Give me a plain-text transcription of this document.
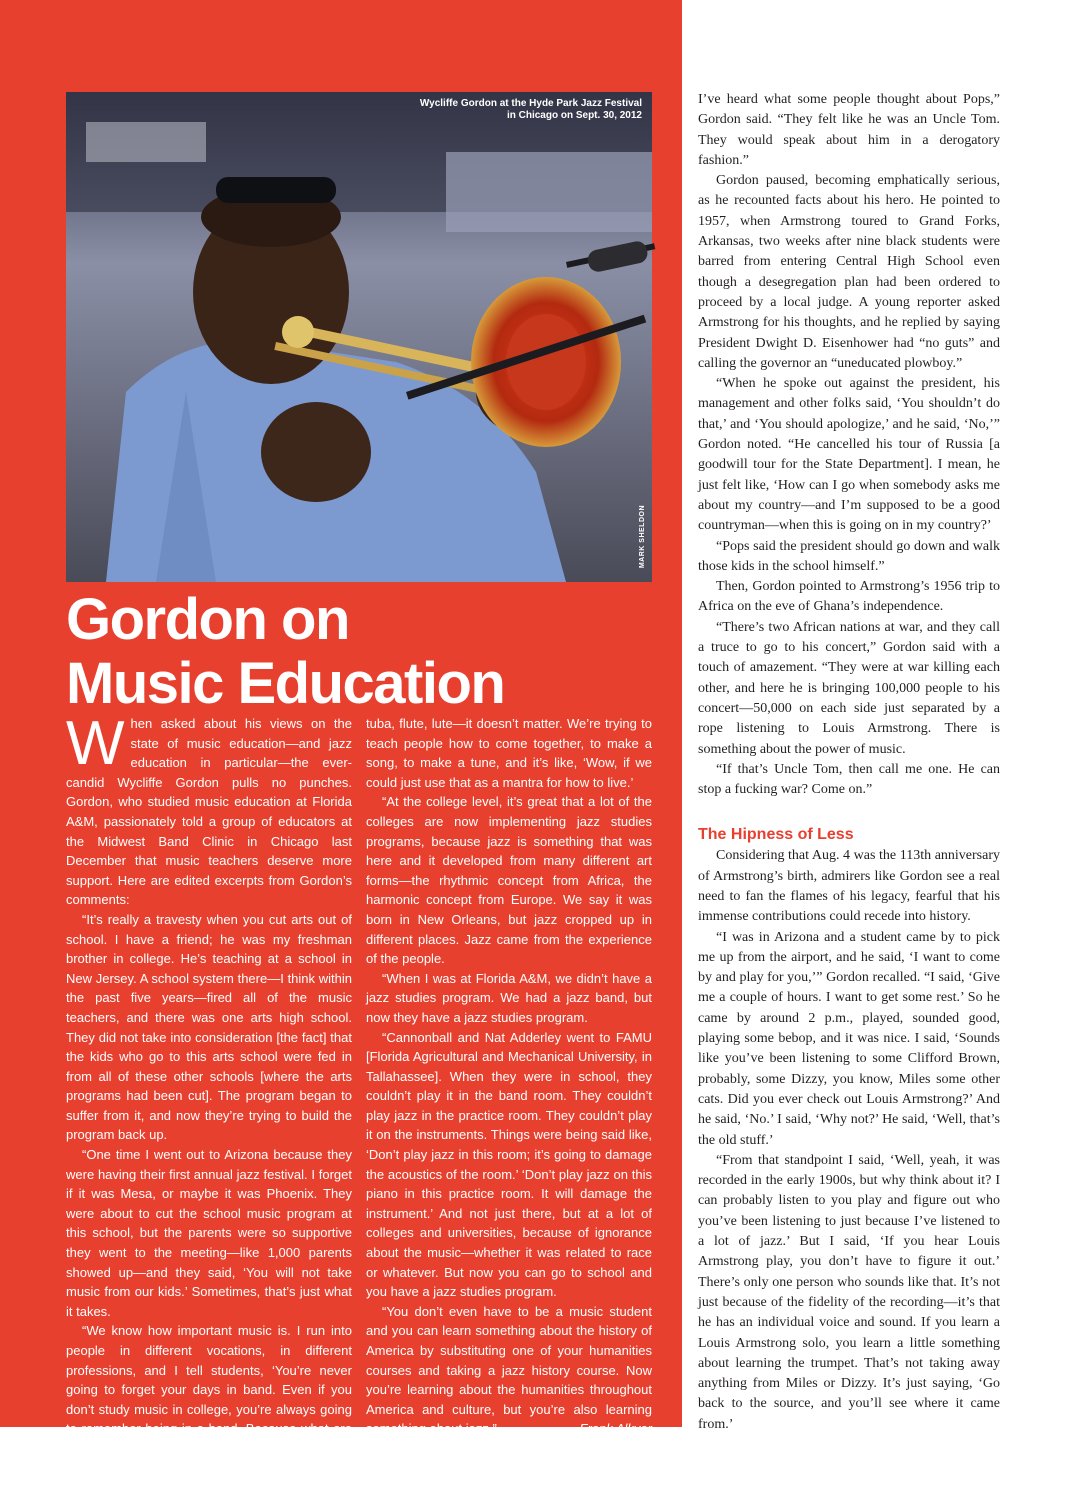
Wycliffe Gordon at the Hyde Park Jazz Festival in Chicago on Sept. 30, 2012
MARK SHELDON
Gordon on
Music Education

When asked about his views on the state of music education—and jazz education in particular—the ever-candid Wycliffe Gordon pulls no punches. Gordon, who studied music education at Florida A&M, passionately told a group of educators at the Midwest Band Clinic in Chicago last December that music teachers deserve more support. Here are edited excerpts from Gordon’s comments:

“It’s really a travesty when you cut arts out of school. I have a friend; he was my freshman brother in college. He’s teaching at a school in New Jersey. A school system there—I think within the past five years—fired all of the music teachers, and there was one arts high school. They did not take into consideration [the fact] that the kids who go to this arts school were fed in from all of these other schools [where the arts programs had been cut]. The program began to suffer from it, and now they’re trying to build the program back up.

“One time I went out to Arizona because they were having their first annual jazz festival. I forget if it was Mesa, or maybe it was Phoenix. They were about to cut the school music program at this school, but the parents were so supportive they went to the meeting—like 1,000 parents showed up—and they said, ‘You will not take music from our kids.’ Sometimes, that’s just what it takes.

“We know how important music is. I run into people in different vocations, in different professions, and I tell students, ‘You’re never going to forget your days in band. Even if you don’t study music in college, you’re always going to remember being in a band. Because what are we doing? We have a common goal in mind, whether you’re playing the oboe, trombone, trumpet,

tuba, flute, lute—it doesn’t matter. We’re trying to teach people how to come together, to make a song, to make a tune, and it’s like, ‘Wow, if we could just use that as a mantra for how to live.’

“At the college level, it’s great that a lot of the colleges are now implementing jazz studies programs, because jazz is something that was here and it developed from many different art forms—the rhythmic concept from Africa, the harmonic concept from Europe. We say it was born in New Orleans, but jazz cropped up in different places. Jazz came from the experience of the people.

“When I was at Florida A&M, we didn’t have a jazz studies program. We had a jazz band, but now they have a jazz studies program.

“Cannonball and Nat Adderley went to FAMU [Florida Agricultural and Mechanical University, in Tallahassee]. When they were in school, they couldn’t play it in the band room. They couldn’t play jazz in the practice room. They couldn’t play it on the instruments. Things were being said like, ‘Don’t play jazz in this room; it’s going to damage the acoustics of the room.’ ‘Don’t play jazz on this piano in this practice room. It will damage the instrument.’ And not just there, but at a lot of colleges and universities, because of ignorance about the music—whether it was related to race or whatever. But now you can go to school and you have a jazz studies program.

“You don’t even have to be a music student and you can learn something about the history of America by substituting one of your humanities courses and taking a jazz history course. Now you’re learning about the humanities throughout America and culture, but you’re also learning something about jazz.”	—Frank Alkyer

I’ve heard what some people thought about Pops,” Gordon said. “They felt like he was an Uncle Tom. They would speak about him in a derogatory fashion.”

Gordon paused, becoming emphatically serious, as he recounted facts about his hero. He pointed to 1957, when Armstrong toured to Grand Forks, Arkansas, two weeks after nine black students were barred from entering Central High School even though a desegregation plan had been ordered to proceed by a local judge. A young reporter asked Armstrong for his thoughts, and he replied by saying President Dwight D. Eisenhower had “no guts” and calling the governor an “uneducated plowboy.”

“When he spoke out against the president, his management and other folks said, ‘You shouldn’t do that,’ and ‘You should apologize,’ and he said, ‘No,’” Gordon noted. “He cancelled his tour of Russia [a goodwill tour for the State Department]. I mean, he just felt like, ‘How can I go when somebody asks me about my country—and I’m supposed to be a good countryman—when this is going on in my country?’

“Pops said the president should go down and walk those kids in the school himself.”

Then, Gordon pointed to Armstrong’s 1956 trip to Africa on the eve of Ghana’s independence.

“There’s two African nations at war, and they call a truce to go to his concert,” Gordon said with a touch of amazement. “They were at war killing each other, and here he is bringing 100,000 people to his concert—50,000 on each side just separated by a rope listening to Louis Armstrong. There is something about the power of music.

“If that’s Uncle Tom, then call me one. He can stop a fucking war? Come on.”

The Hipness of Less

Considering that Aug. 4 was the 113th anniversary of Armstrong’s birth, admirers like Gordon see a real need to fan the flames of his legacy, fearful that his immense contributions could recede into history.

“I was in Arizona and a student came by to pick me up from the airport, and he said, ‘I want to come by and play for you,’” Gordon recalled. “I said, ‘Give me a couple of hours. I want to get some rest.’ So he came by around 2 p.m., played, sounded good, playing some bebop, and it was nice. I said, ‘Sounds like you’ve been listening to some Clifford Brown, probably, some Dizzy, you know, Miles some other cats. Did you ever check out Louis Armstrong?’ And he said, ‘No.’ I said, ‘Why not?’ He said, ‘Well, that’s the old stuff.’

“From that standpoint I said, ‘Well, yeah, it was recorded in the early 1900s, but why think about it? I can probably listen to you play and figure out who you’ve been listening to just because I’ve listened to a lot of jazz.’ But I said, ‘If you hear Louis Armstrong play, you don’t have to figure it out.’ There’s only one person who sounds like that. It’s not just because of the fidelity of the recording—it’s that he has an individual voice and sound. If you learn a Louis Armstrong solo, you learn a little something about learning the trumpet. That’s not taking away anything from Miles or Dizzy. It’s just saying, ‘Go back to the source, and you’ll see where it came from.’
